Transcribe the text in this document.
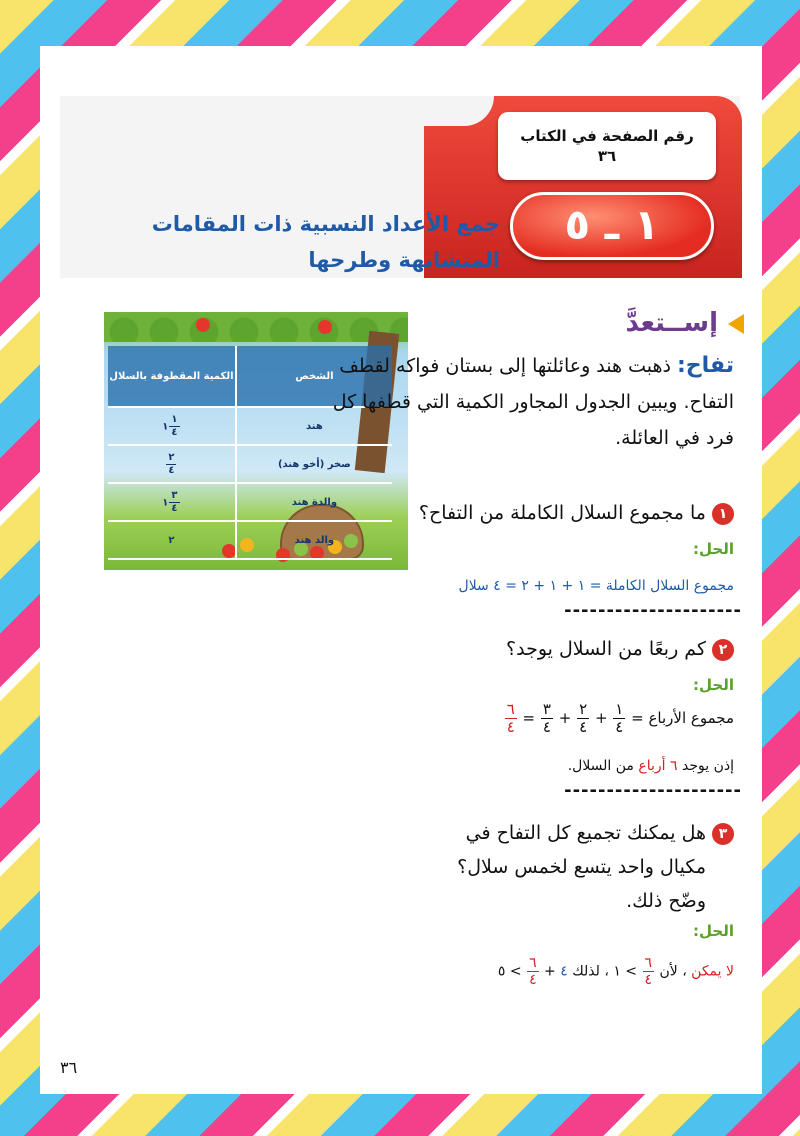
رقم الصفحة في الكتاب
٣٦
١ ـ ٥
جمع الأعداد النسبية ذات المقامات
المتشابهة وطرحها
الشخص	الكمية المقطوفة بالسلال
هند	١
١
٤

صخر (أخو هند)	٢
٤

والدة هند	١
٣
٤

والد هند	٢
إســتعدَّ
تفاح: ذهبت هند وعائلتها إلى بستان فواكه لقطف التفاح. ويبين الجدول المجاور الكمية التي قطفها كل فرد في العائلة.
١ما مجموع السلال الكاملة من التفاح؟
الحل:
مجموع السلال الكاملة = ١ + ١ + ٢ = ٤ سلال
---------------------
٢كم ربعًا من السلال يوجد؟
الحل:
مجموع الأرباع =
١
٤
+
٢
٤
+
٣
٤
=
٦
٤
إذن يوجد ٦ أرباع من السلال.
---------------------
٣هل يمكنك تجميع كل التفاح في
مكيال واحد يتسع لخمس سلال؟
وضّح ذلك.
الحل:
لا يمكن ، لأن
٦
٤
> ١ ، لذلك ٤ +
٦
٤
> ٥
٣٦
